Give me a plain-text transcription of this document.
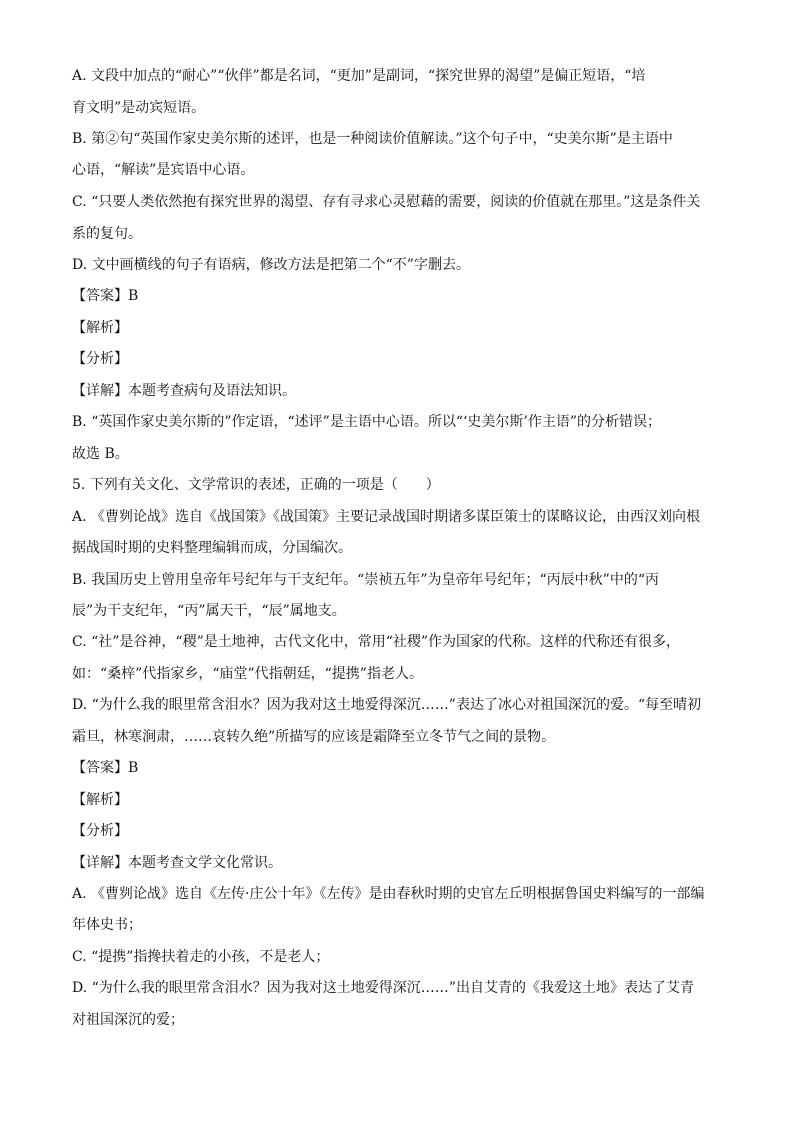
A. 文段中加点的“耐心”“伙伴”都是名词，“更加”是副词，“探究世界的渴望”是偏正短语，“培
育文明”是动宾短语。
B. 第②句“英国作家史美尔斯的述评，也是一种阅读价值解读。”这个句子中，“史美尔斯”是主语中
心语，“解读”是宾语中心语。
C. “只要人类依然抱有探究世界的渴望、存有寻求心灵慰藉的需要，阅读的价值就在那里。”这是条件关
系的复句。
D. 文中画横线的句子有语病，修改方法是把第二个“不”字删去。
【答案】B
【解析】
【分析】
【详解】本题考查病句及语法知识。
B. “英国作家史美尔斯的”作定语，“述评”是主语中心语。所以“‘史美尔斯’作主语”的分析错误；
故选 B。
5. 下列有关文化、文学常识的表述，正确的一项是（　　）
A. 《曹刿论战》选自《战国策》《战国策》主要记录战国时期诸多谋臣策士的谋略议论，由西汉刘向根
据战国时期的史料整理编辑而成，分国编次。
B. 我国历史上曾用皇帝年号纪年与干支纪年。“崇祯五年”为皇帝年号纪年；“丙辰中秋”中的“丙
辰”为干支纪年，“丙”属天干，“辰”属地支。
C. “社”是谷神，“稷”是土地神，古代文化中，常用“社稷”作为国家的代称。这样的代称还有很多，
如：“桑梓”代指家乡，“庙堂”代指朝廷，“提携”指老人。
D. “为什么我的眼里常含泪水？因为我对这土地爱得深沉……”表达了冰心对祖国深沉的爱。“每至晴初
霜旦，林寒涧肃，……哀转久绝”所描写的应该是霜降至立冬节气之间的景物。
【答案】B
【解析】
【分析】
【详解】本题考查文学文化常识。
A. 《曹刿论战》选自《左传·庄公十年》《左传》是由春秋时期的史官左丘明根据鲁国史料编写的一部编
年体史书；
C. “提携”指搀扶着走的小孩，不是老人；
D. “为什么我的眼里常含泪水？因为我对这土地爱得深沉……”出自艾青的《我爱这土地》表达了艾青
对祖国深沉的爱；
